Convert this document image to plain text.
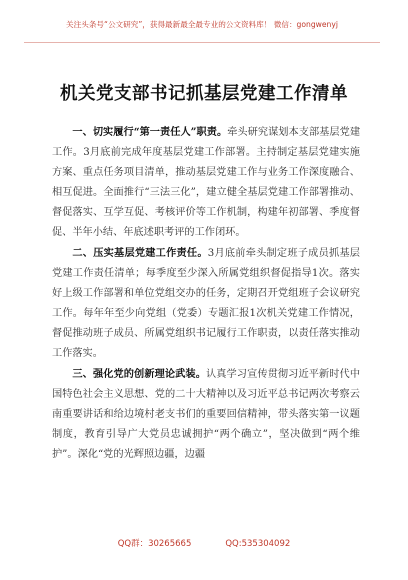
关注头条号“公文研究”，获得最新最全最专业的公文资料库！ 微信：gongwenyj
机关党支部书记抓基层党建工作清单

一、切实履行“第一责任人”职责。牵头研究谋划本支部基层党建工作。3月底前完成年度基层党建工作部署。主持制定基层党建实施方案、重点任务项目清单，推动基层党建工作与业务工作深度融合、相互促进。全面推行“三法三化”，建立健全基层党建工作部署推动、督促落实、互学互促、考核评价等工作机制，构建年初部署、季度督促、半年小结、年底述职考评的工作闭环。

二、压实基层党建工作责任。3月底前牵头制定班子成员抓基层党建工作责任清单；每季度至少深入所属党组织督促指导1次。落实好上级工作部署和单位党组交办的任务，定期召开党组班子会议研究工作。每年年至少向党组（党委）专题汇报1次机关党建工作情况，督促推动班子成员、所属党组织书记履行工作职责，以责任落实推动工作落实。

三、强化党的创新理论武装。认真学习宣传贯彻习近平新时代中国特色社会主义思想、党的二十大精神以及习近平总书记两次考察云南重要讲话和给边境村老支书们的重要回信精神，带头落实第一议题制度，教育引导广大党员忠诚拥护“两个确立”，坚决做到“两个维护”。深化“党的光辉照边疆，边疆

QQ群：30265665	QQ:535304092
